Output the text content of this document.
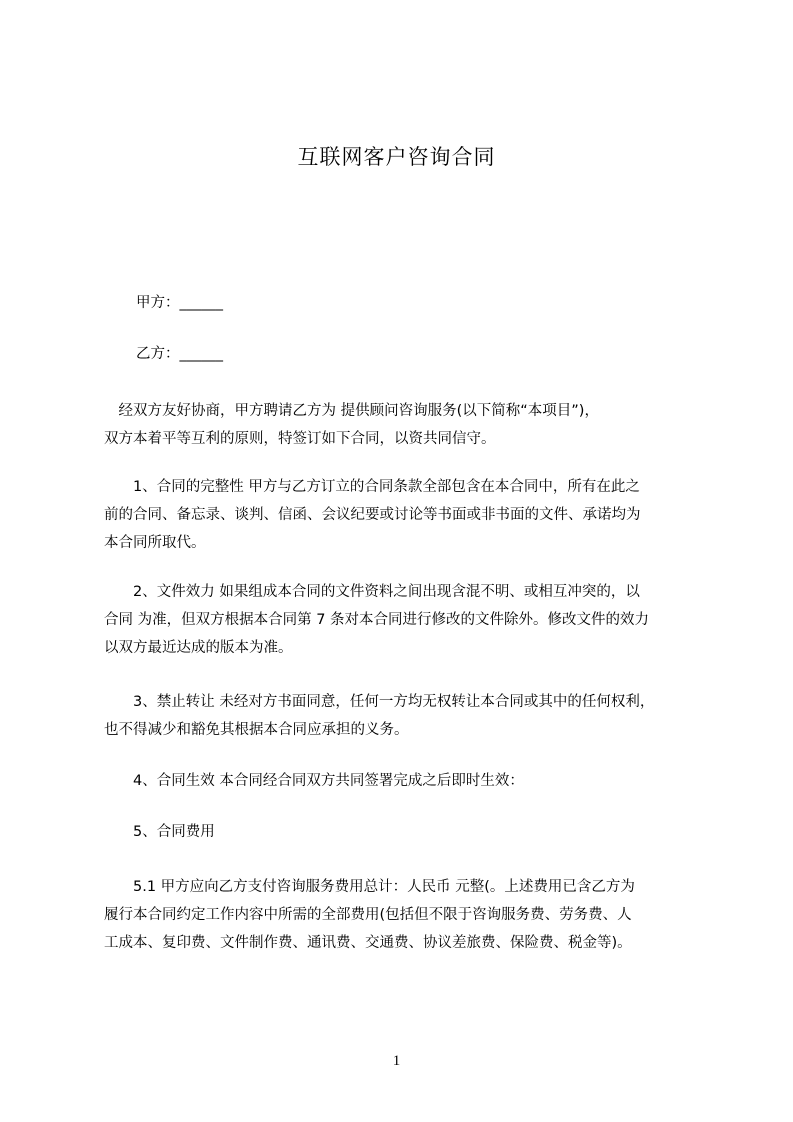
互联网客户咨询合同
甲方：______
乙方：______
　经双方友好协商，甲方聘请乙方为 提供顾问咨询服务(以下简称“本项目”)，
双方本着平等互利的原则，特签订如下合同，以资共同信守。
　　1、合同的完整性 甲方与乙方订立的合同条款全部包含在本合同中，所有在此之
前的合同、备忘录、谈判、信函、会议纪要或讨论等书面或非书面的文件、承诺均为
本合同所取代。
　　2、文件效力 如果组成本合同的文件资料之间出现含混不明、或相互冲突的，以
合同 为准，但双方根据本合同第 7 条对本合同进行修改的文件除外。修改文件的效力
以双方最近达成的版本为准。
　　3、禁止转让 未经对方书面同意，任何一方均无权转让本合同或其中的任何权利，
也不得减少和豁免其根据本合同应承担的义务。
　　4、合同生效 本合同经合同双方共同签署完成之后即时生效：
　　5、合同费用
　　5.1 甲方应向乙方支付咨询服务费用总计：人民币 元整(。上述费用已含乙方为
履行本合同约定工作内容中所需的全部费用(包括但不限于咨询服务费、劳务费、人
工成本、复印费、文件制作费、通讯费、交通费、协议差旅费、保险费、税金等)。
1
